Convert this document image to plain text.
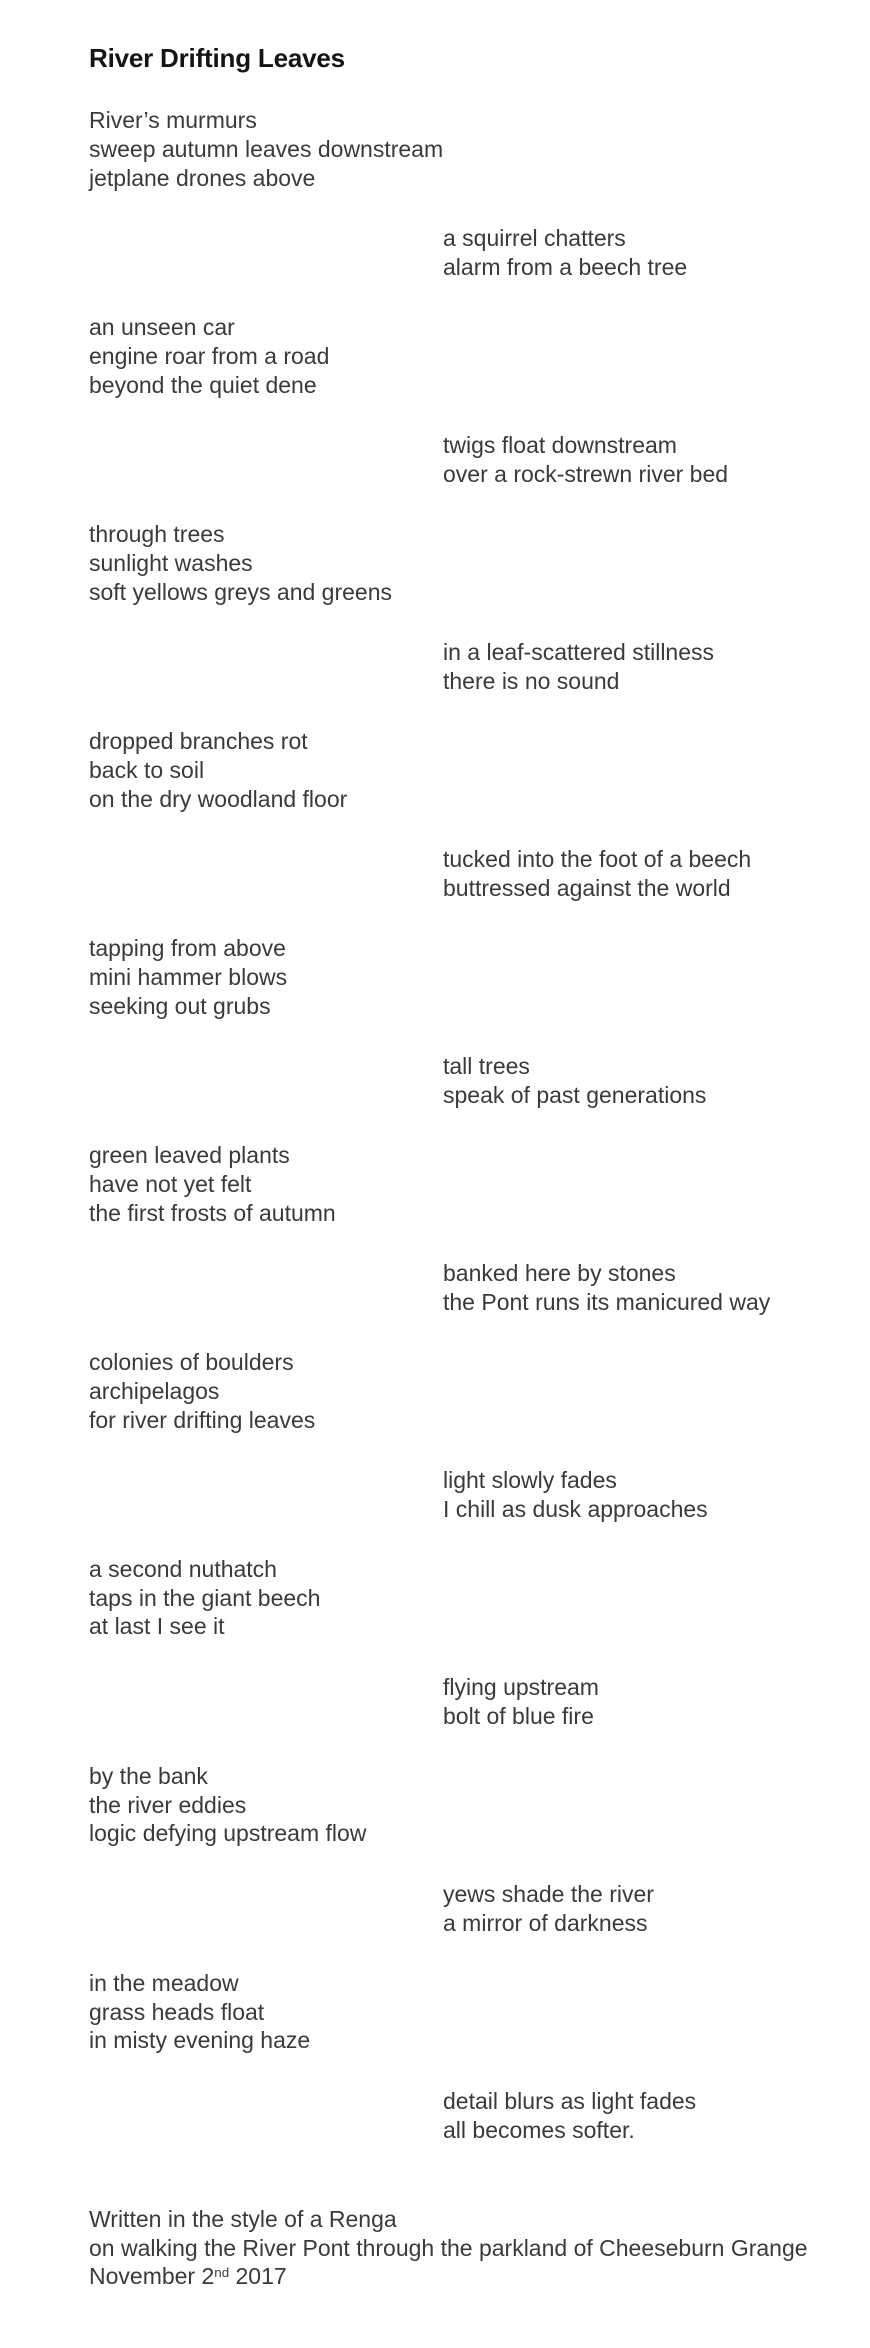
River Drifting Leaves

River’s murmurs

sweep autumn leaves downstream

jetplane drones above

a squirrel chatters

alarm from a beech tree

an unseen car

engine roar from a road

beyond the quiet dene

twigs float downstream

over a rock-strewn river bed

through trees

sunlight washes

soft yellows greys and greens

in a leaf-scattered stillness

there is no sound

dropped branches rot

back to soil

on the dry woodland floor

tucked into the foot of a beech

buttressed against the world

tapping from above

mini hammer blows

seeking out grubs

tall trees

speak of past generations

green leaved plants

have not yet felt

the first frosts of autumn

banked here by stones

the Pont runs its manicured way

colonies of boulders

archipelagos

for river drifting leaves

light slowly fades

I chill as dusk approaches

a second nuthatch

taps in the giant beech

at last I see it

flying upstream

bolt of blue fire

by the bank

the river eddies

logic defying upstream flow

yews shade the river

a mirror of darkness

in the meadow

grass heads float

in misty evening haze

detail blurs as light fades

all becomes softer.

Written in the style of a Renga

on walking the River Pont through the parkland of Cheeseburn Grange

November 2nd 2017
